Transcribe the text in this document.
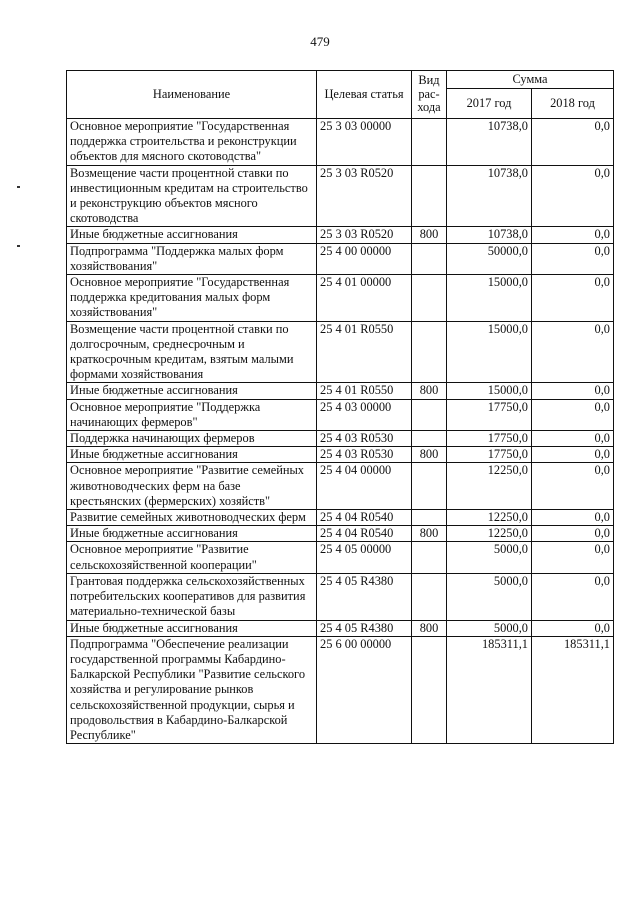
479
Наименование	Целевая статья	Вид рас-хода	Сумма	
			2017 год	2018 год
Основное мероприятие "Государственная поддержка строительства и реконструкции объектов для мясного скотоводства"	25 3 03 00000		10738,0	0,0
Возмещение части процентной ставки по инвестиционным кредитам на строительство и реконструкцию объектов мясного скотоводства	25 3 03 R0520		10738,0	0,0
Иные бюджетные ассигнования	25 3 03 R0520	800	10738,0	0,0
Подпрограмма "Поддержка малых форм хозяйствования"	25 4 00 00000		50000,0	0,0
Основное мероприятие "Государственная поддержка кредитования малых форм хозяйствования"	25 4 01 00000		15000,0	0,0
Возмещение части процентной ставки по долгосрочным, среднесрочным и краткосрочным кредитам, взятым малыми формами хозяйствования	25 4 01 R0550		15000,0	0,0
Иные бюджетные ассигнования	25 4 01 R0550	800	15000,0	0,0
Основное мероприятие "Поддержка начинающих фермеров"	25 4 03 00000		17750,0	0,0
Поддержка начинающих фермеров	25 4 03 R0530		17750,0	0,0
Иные бюджетные ассигнования	25 4 03 R0530	800	17750,0	0,0
Основное мероприятие "Развитие семейных животноводческих ферм на базе крестьянских (фермерских) хозяйств"	25 4 04 00000		12250,0	0,0
Развитие семейных животноводческих ферм	25 4 04 R0540		12250,0	0,0
Иные бюджетные ассигнования	25 4 04 R0540	800	12250,0	0,0
Основное мероприятие "Развитие сельскохозяйственной кооперации"	25 4 05 00000		5000,0	0,0
Грантовая поддержка сельскохозяйственных потребительских кооперативов для развития материально-технической базы	25 4 05 R4380		5000,0	0,0
Иные бюджетные ассигнования	25 4 05 R4380	800	5000,0	0,0
Подпрограмма "Обеспечение реализации государственной программы Кабардино-Балкарской Республики "Развитие сельского хозяйства и регулирование рынков сельскохозяйственной продукции, сырья и продовольствия в Кабардино-Балкарской Республике"	25 6 00 00000		185311,1	185311,1
